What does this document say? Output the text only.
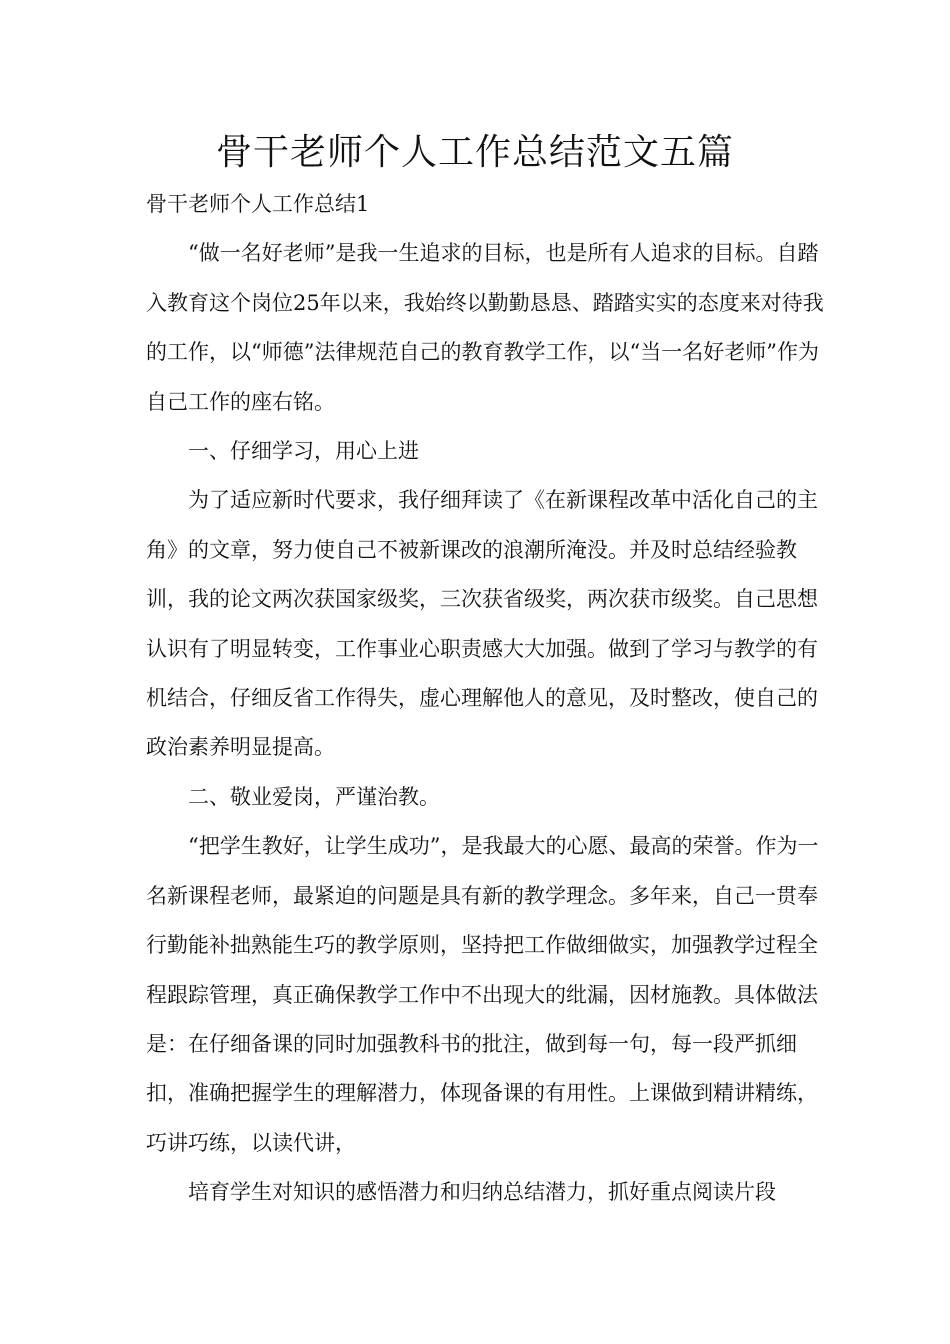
骨干老师个人工作总结范文五篇

骨干老师个人工作总结1

“做一名好老师”是我一生追求的目标，也是所有人追求的目标。自踏入教育这个岗位25年以来，我始终以勤勤恳恳、踏踏实实的态度来对待我的工作，以“师德”法律规范自己的教育教学工作，以“当一名好老师”作为自己工作的座右铭。

一、仔细学习，用心上进

为了适应新时代要求，我仔细拜读了《在新课程改革中活化自己的主角》的文章，努力使自己不被新课改的浪潮所淹没。并及时总结经验教训，我的论文两次获国家级奖，三次获省级奖，两次获市级奖。自己思想认识有了明显转变，工作事业心职责感大大加强。做到了学习与教学的有机结合，仔细反省工作得失，虚心理解他人的意见，及时整改，使自己的政治素养明显提高。

二、敬业爱岗，严谨治教。

“把学生教好，让学生成功”，是我最大的心愿、最高的荣誉。作为一名新课程老师，最紧迫的问题是具有新的教学理念。多年来，自己一贯奉行勤能补拙熟能生巧的教学原则，坚持把工作做细做实，加强教学过程全程跟踪管理，真正确保教学工作中不出现大的纰漏，因材施教。具体做法是：在仔细备课的同时加强教科书的批注，做到每一句，每一段严抓细扣，准确把握学生的理解潜力，体现备课的有用性。上课做到精讲精练，巧讲巧练，以读代讲，

培育学生对知识的感悟潜力和归纳总结潜力，抓好重点阅读片段
